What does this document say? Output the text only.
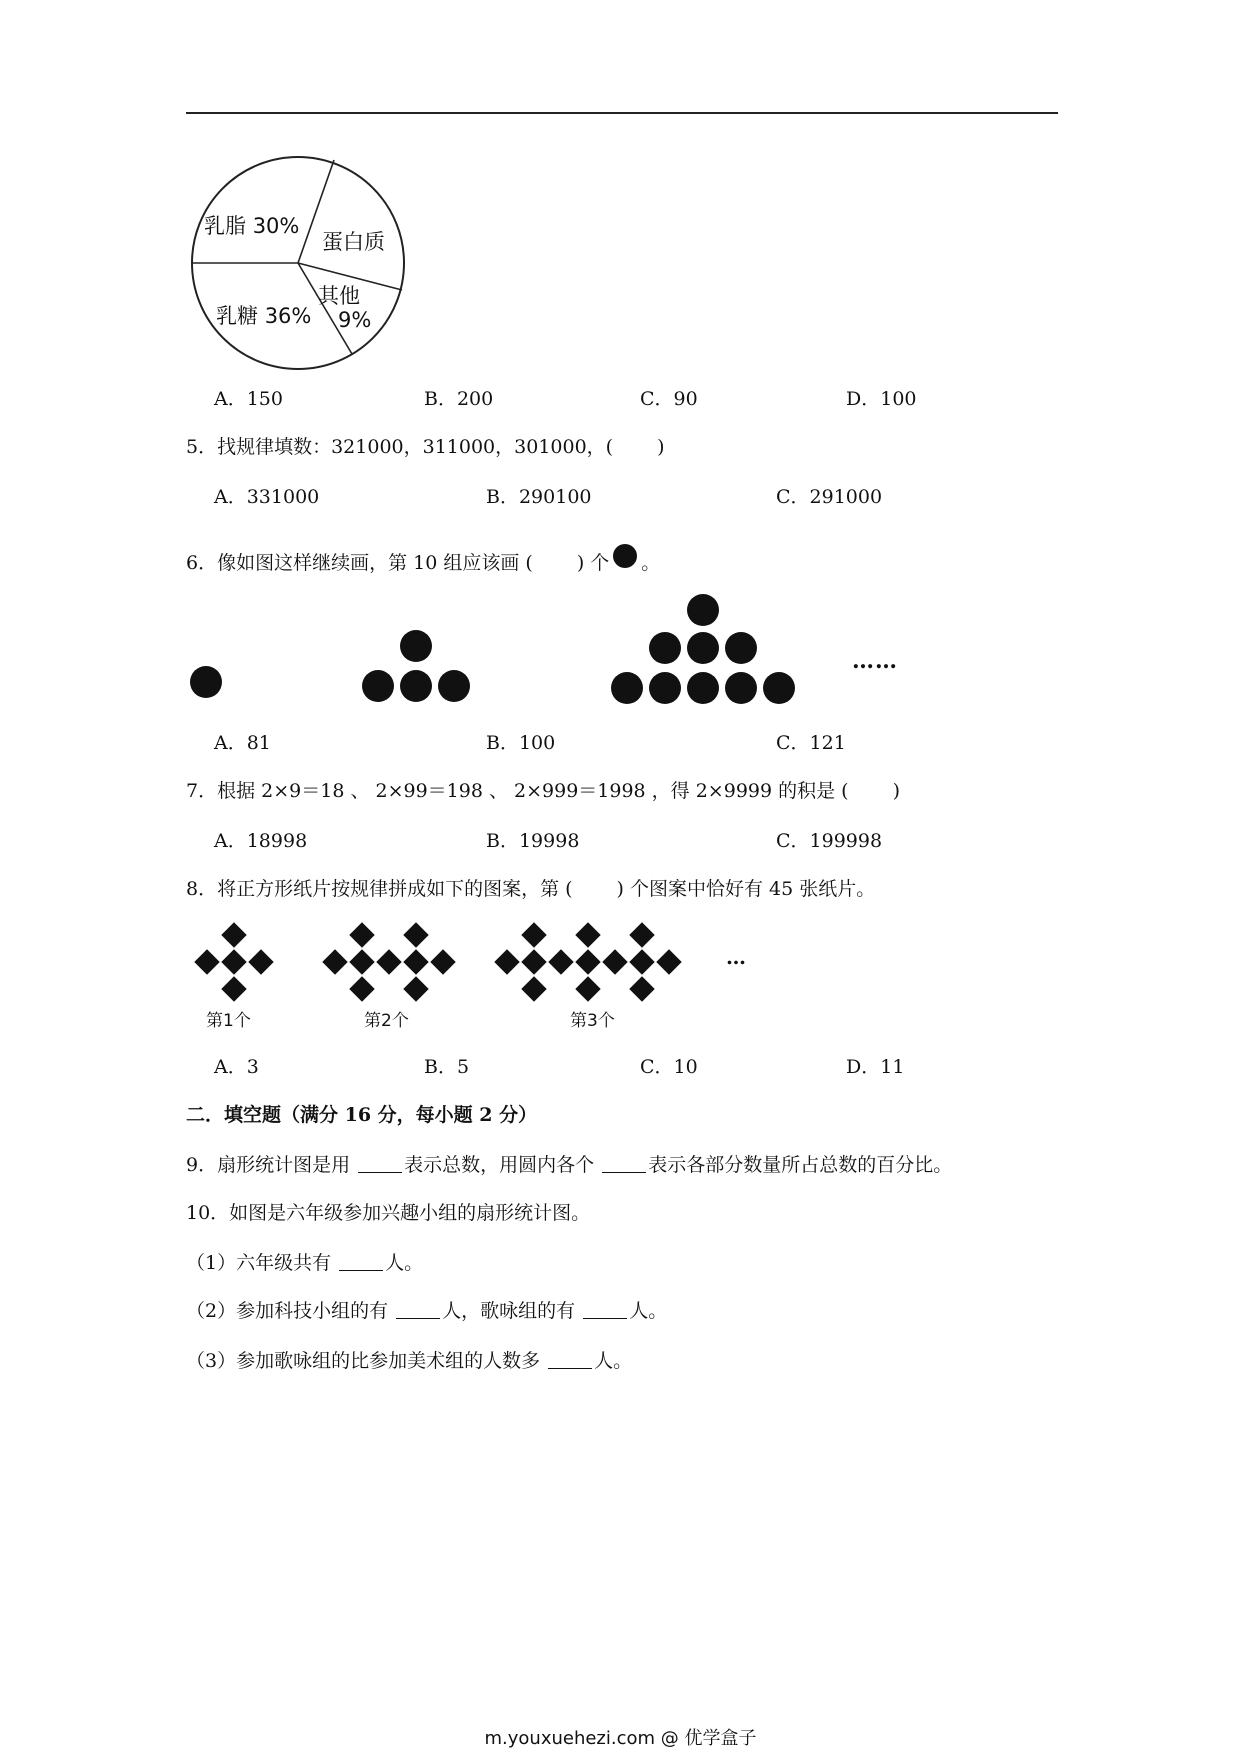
乳脂 30%
蛋白质
其他
9%
乳糖 36%
A．150	B．200	C．90	D．100
5．找规律填数：321000，311000，301000，( )
A．331000	B．290100	C．291000
6．像如图这样继续画，第 10 组应该画 ( ) 个 。
……
A．81	B．100	C．121
7．根据 2×9＝18 、 2×99＝198 、 2×999＝1998 ，得 2×9999 的积是 ( )
A．18998	B．19998	C．199998
8．将正方形纸片按规律拼成如下的图案，第 ( ) 个图案中恰好有 45 张纸片。
第1个	第2个	第3个
…
A．3	B．5	C．10	D．11
二．填空题（满分 16 分，每小题 2 分）
9．扇形统计图是用	表示总数，用圆内各个	表示各部分数量所占总数的百分比。
10．如图是六年级参加兴趣小组的扇形统计图。
（1）六年级共有	人。
（2）参加科技小组的有	人，歌咏组的有	人。
（3）参加歌咏组的比参加美术组的人数多	人。
m.youxuehezi.com @ 优学盒子
